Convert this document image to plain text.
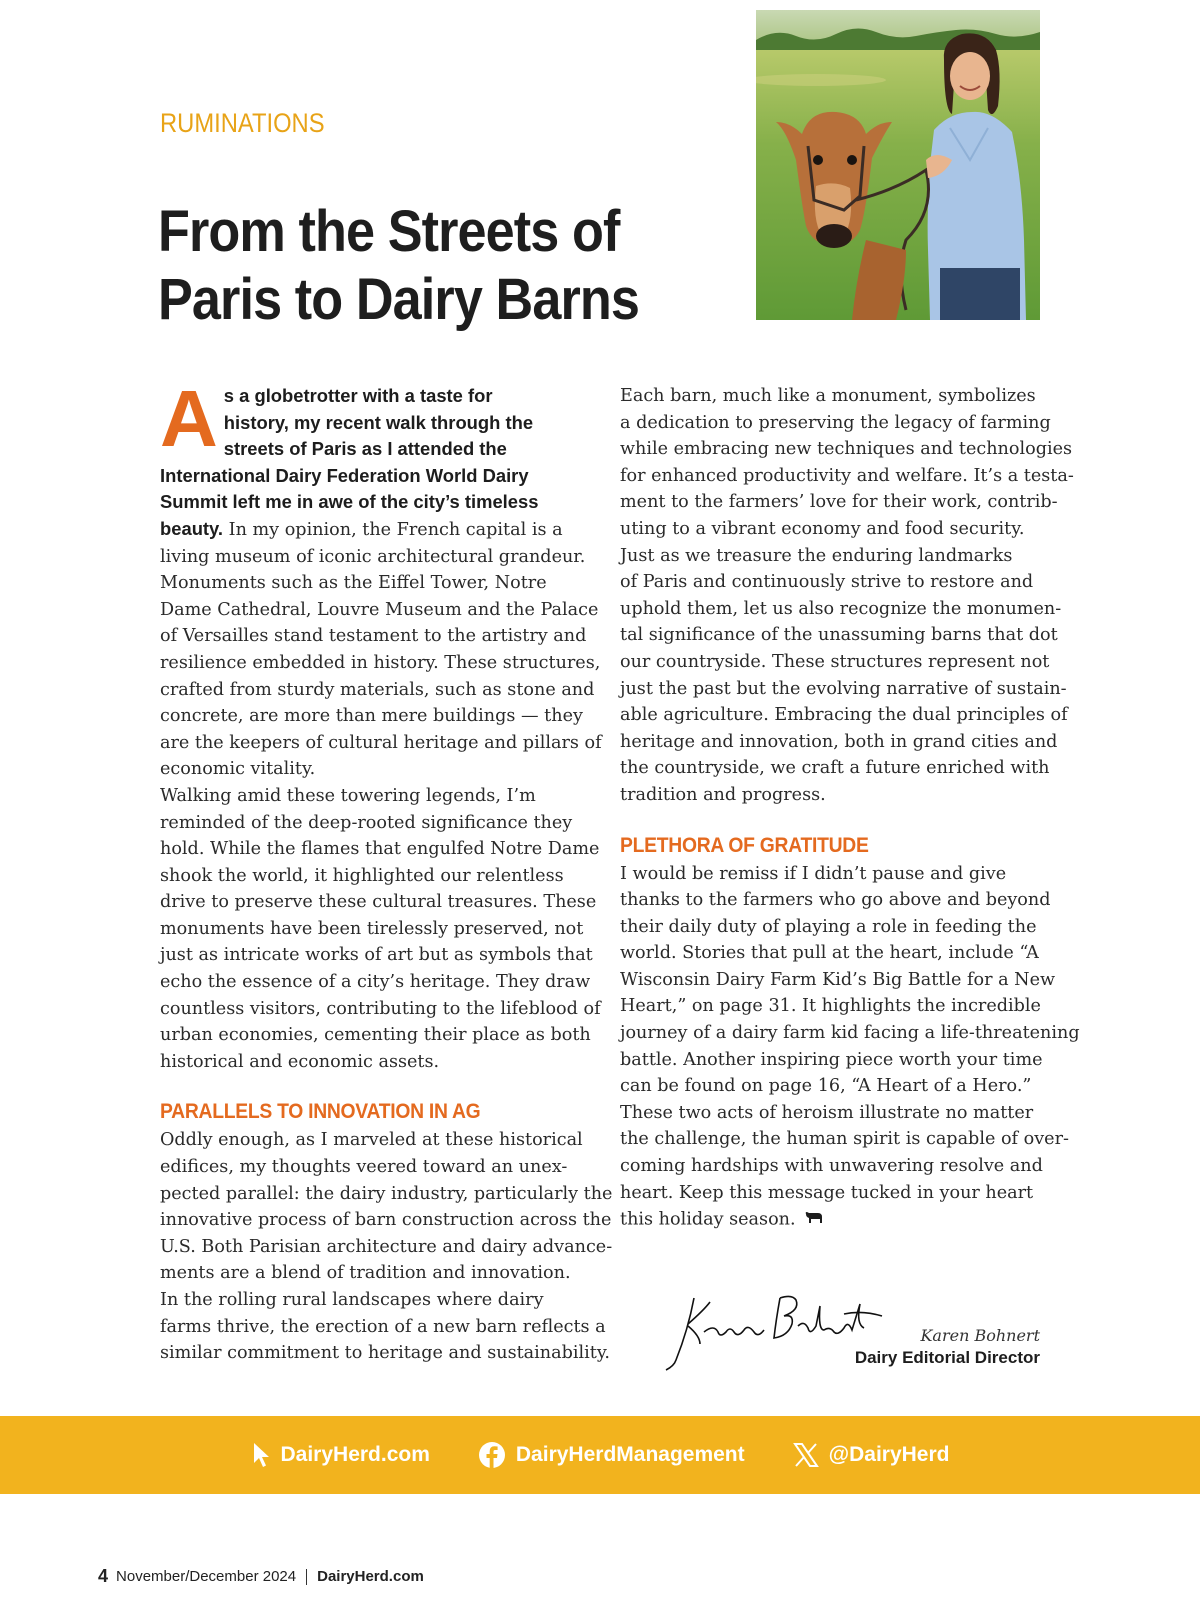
RUMINATIONS
From the Streets of
Paris to Dairy Barns

A s a globetrotter with a taste for
history, my recent walk through the
streets of Paris as I attended the
International Dairy Federation World Dairy
Summit left me in awe of the city’s timeless
beauty. In my opinion, the French capital is a
living museum of iconic architectural grandeur.
Monuments such as the Eiffel Tower, Notre
Dame Cathedral, Louvre Museum and the Palace
of Versailles stand testament to the artistry and
resilience embedded in history. These structures,
crafted from sturdy materials, such as stone and
concrete, are more than mere buildings — they
are the keepers of cultural heritage and pillars of
economic vitality.

Walking amid these towering legends, I’m

reminded of the deep-rooted significance they
hold. While the flames that engulfed Notre Dame
shook the world, it highlighted our relentless
drive to preserve these cultural treasures. These
monuments have been tirelessly preserved, not
just as intricate works of art but as symbols that
echo the essence of a city’s heritage. They draw
countless visitors, contributing to the lifeblood of
urban economies, cementing their place as both
historical and economic assets.
PARALLELS TO INNOVATION IN AG

Oddly enough, as I marveled at these historical

edifices, my thoughts veered toward an unex-
pected parallel: the dairy industry, particularly the
innovative process of barn construction across the
U.S. Both Parisian architecture and dairy advance-
ments are a blend of tradition and innovation.

In the rolling rural landscapes where dairy

farms thrive, the erection of a new barn reflects a
similar commitment to heritage and sustainability.
Each barn, much like a monument, symbolizes
a dedication to preserving the legacy of farming
while embracing new techniques and technologies
for enhanced productivity and welfare. It’s a testa-
ment to the farmers’ love for their work, contrib-
uting to a vibrant economy and food security.

Just as we treasure the enduring landmarks

of Paris and continuously strive to restore and
uphold them, let us also recognize the monumen-
tal significance of the unassuming barns that dot
our countryside. These structures represent not
just the past but the evolving narrative of sustain-
able agriculture. Embracing the dual principles of
heritage and innovation, both in grand cities and
the countryside, we craft a future enriched with
tradition and progress.
PLETHORA OF GRATITUDE

I would be remiss if I didn’t pause and give

thanks to the farmers who go above and beyond
their daily duty of playing a role in feeding the
world. Stories that pull at the heart, include “A
Wisconsin Dairy Farm Kid’s Big Battle for a New
Heart,” on page 31. It highlights the incredible
journey of a dairy farm kid facing a life-threatening
battle. Another inspiring piece worth your time
can be found on page 16, “A Heart of a Hero.”

These two acts of heroism illustrate no matter

the challenge, the human spirit is capable of over-
coming hardships with unwavering resolve and
heart. Keep this message tucked in your heart
this holiday season.
Karen Bohnert
Dairy Editorial Director
DairyHerd.com	DairyHerdManagement	@DairyHerd
4 November/December 2024 DairyHerd.com
